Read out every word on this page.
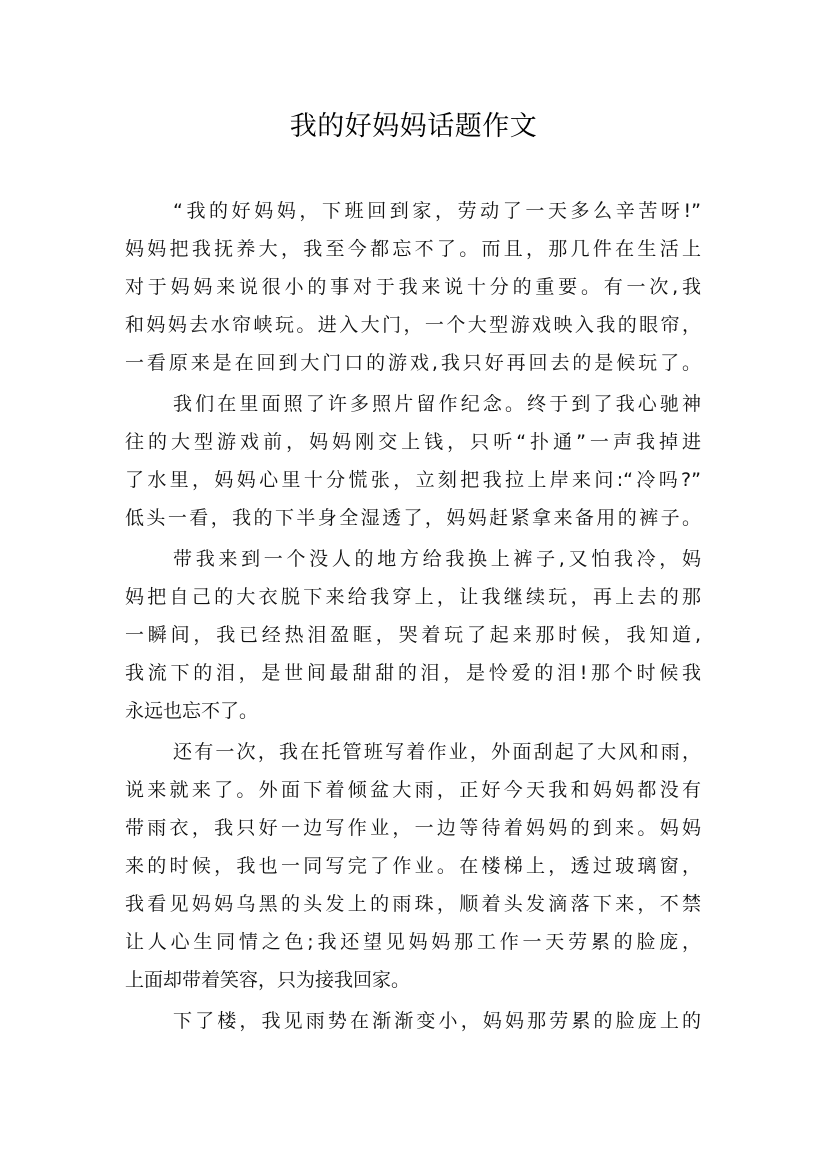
我的好妈妈话题作文
“我的好妈妈，下班回到家，劳动了一天多么辛苦呀!”
妈妈把我抚养大，我至今都忘不了。而且，那几件在生活上
对于妈妈来说很小的事对于我来说十分的重要。有一次,我
和妈妈去水帘峡玩。进入大门，一个大型游戏映入我的眼帘，
一看原来是在回到大门口的游戏,我只好再回去的是候玩了。
我们在里面照了许多照片留作纪念。终于到了我心驰神
往的大型游戏前，妈妈刚交上钱，只听“扑通”一声我掉进
了水里，妈妈心里十分慌张，立刻把我拉上岸来问:“冷吗?”
低头一看，我的下半身全湿透了，妈妈赶紧拿来备用的裤子。
带我来到一个没人的地方给我换上裤子,又怕我冷，妈
妈把自己的大衣脱下来给我穿上，让我继续玩，再上去的那
一瞬间，我已经热泪盈眶，哭着玩了起来那时候，我知道,
我流下的泪，是世间最甜甜的泪，是怜爱的泪!那个时候我
永远也忘不了。
还有一次，我在托管班写着作业，外面刮起了大风和雨，
说来就来了。外面下着倾盆大雨，正好今天我和妈妈都没有
带雨衣，我只好一边写作业，一边等待着妈妈的到来。妈妈
来的时候，我也一同写完了作业。在楼梯上，透过玻璃窗，
我看见妈妈乌黑的头发上的雨珠，顺着头发滴落下来，不禁
让人心生同情之色;我还望见妈妈那工作一天劳累的脸庞，
上面却带着笑容，只为接我回家。
下了楼，我见雨势在渐渐变小，妈妈那劳累的脸庞上的
